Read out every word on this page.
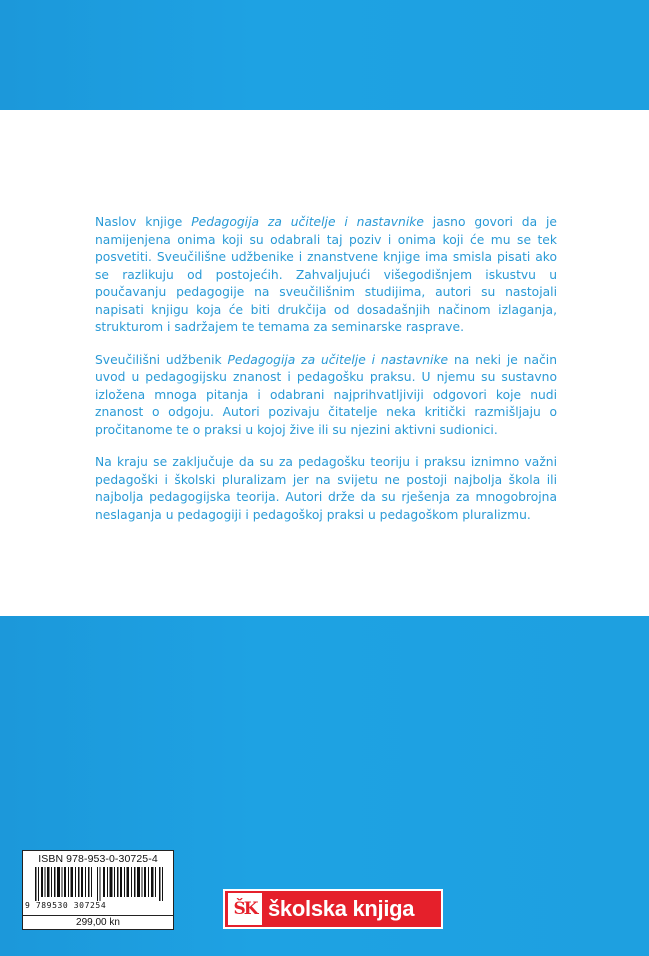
Naslov knjige Pedagogija za učitelje i nastavnike jasno govori da je namijenjena onima koji su odabrali taj poziv i onima koji će mu se tek posvetiti. Sveučilišne udžbenike i znanstvene knjige ima smisla pisati ako se razlikuju od postojećih. Zahvaljujući višegodišnjem iskustvu u poučavanju pedagogije na sveučilišnim studijima, autori su nastojali napisati knjigu koja će biti drukčija od dosadašnjih načinom izlaganja, strukturom i sadržajem te temama za seminarske rasprave.

Sveučilišni udžbenik Pedagogija za učitelje i nastavnike na neki je način uvod u pedagogijsku znanost i pedagošku praksu. U njemu su sustavno izložena mnoga pitanja i odabrani najprihvatljiviji odgovori koje nudi znanost o odgoju. Autori pozivaju čitatelje neka kritički razmišljaju o pročitanome te o praksi u kojoj žive ili su njezini aktivni sudionici.

Na kraju se zaključuje da su za pedagošku teoriju i praksu iznimno važni pedagoški i školski pluralizam jer na svijetu ne postoji najbolja škola ili najbolja pedagogijska teorija. Autori drže da su rješenja za mnogobrojna neslaganja u pedagogiji i pedagoškoj praksi u pedagoškom pluralizmu.

ISBN 978-953-0-30725-4
9 789530 307254
299,00 kn
ŠK školska knjiga
